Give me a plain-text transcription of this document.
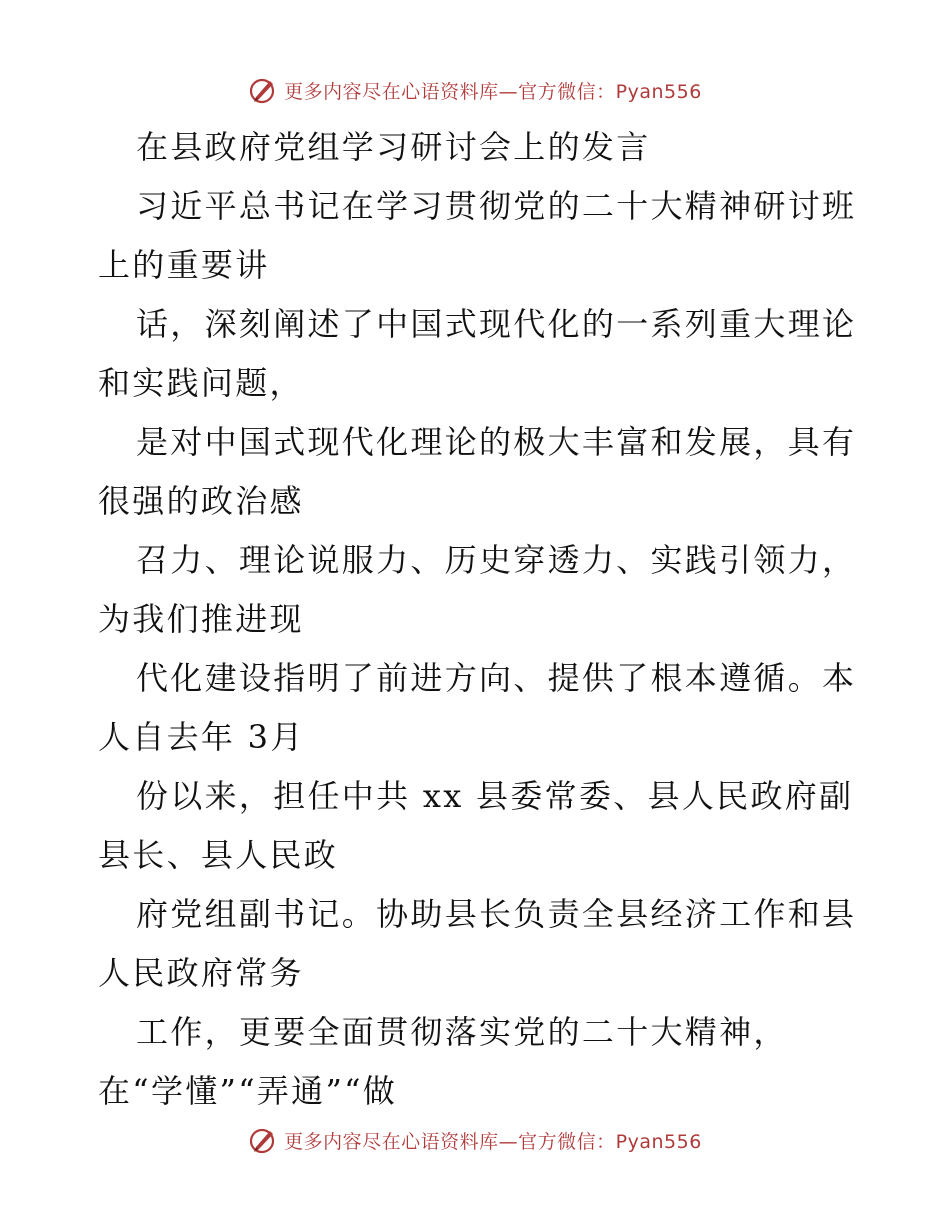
更多内容尽在心语资料库—官方微信：Pyan556
在县政府党组学习研讨会上的发言
习近平总书记在学习贯彻党的二十大精神研讨班
上的重要讲
话，深刻阐述了中国式现代化的一系列重大理论
和实践问题，
是对中国式现代化理论的极大丰富和发展，具有
很强的政治感
召力、理论说服力、历史穿透力、实践引领力，
为我们推进现
代化建设指明了前进方向、提供了根本遵循。本
人自去年 3月
份以来，担任中共 xx 县委常委、县人民政府副
县长、县人民政
府党组副书记。协助县长负责全县经济工作和县
人民政府常务
工作，更要全面贯彻落实党的二十大精神，
在“学懂”“弄通”“做
更多内容尽在心语资料库—官方微信：Pyan556
